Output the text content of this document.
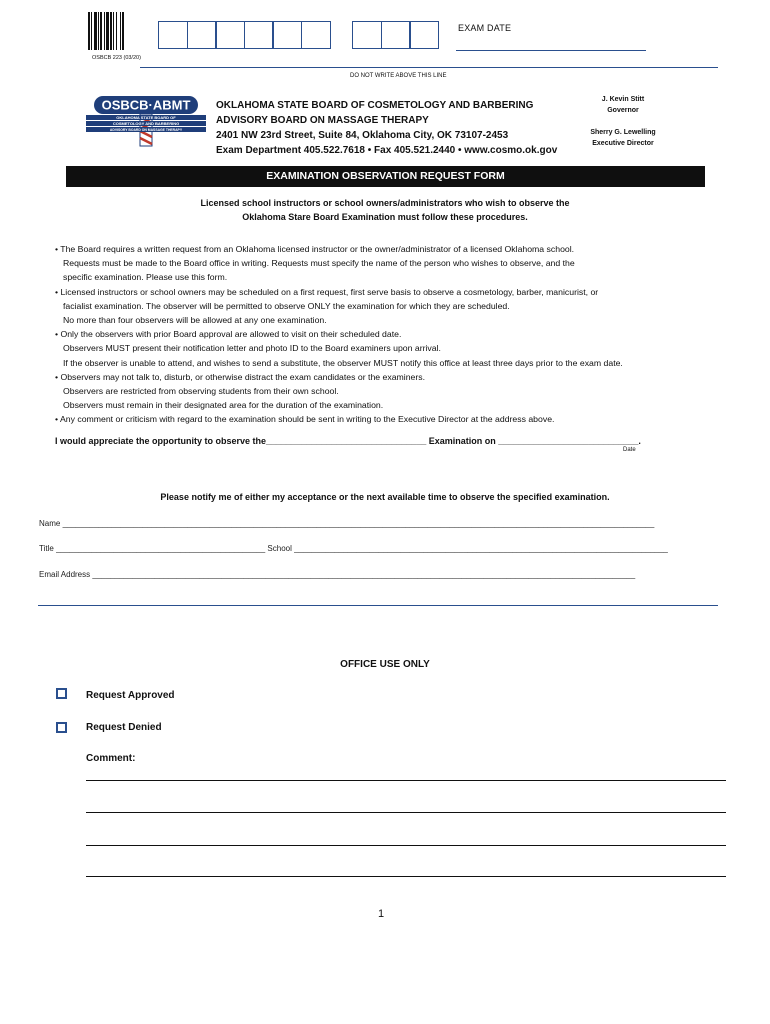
EXAM DATE
OSBCB 223 (03/20)
DO NOT WRITE ABOVE THIS LINE
OSBCB·ABMT
OKLAHOMA STATE BOARD OF
COSMETOLOGY AND BARBERING
ADVISORY BOARD ON MASSAGE THERAPY
OKLAHOMA STATE BOARD OF COSMETOLOGY AND BARBERING
ADVISORY BOARD ON MASSAGE THERAPY
2401 NW 23rd Street, Suite 84, Oklahoma City, OK 73107-2453
Exam Department 405.522.7618 • Fax 405.521.2440 • www.cosmo.ok.gov
J. Kevin Stitt
Governor
Sherry G. Lewelling
Executive Director
EXAMINATION OBSERVATION REQUEST FORM
Licensed school instructors or school owners/administrators who wish to observe the
Oklahoma Stare Board Examination must follow these procedures.

• The Board requires a written request from an Oklahoma licensed instructor or the owner/administrator of a licensed Oklahoma school.

Requests must be made to the Board office in writing. Requests must specify the name of the person who wishes to observe, and the

specific examination. Please use this form.

• Licensed instructors or school owners may be scheduled on a first request, first serve basis to observe a cosmetology, barber, manicurist, or

facialist examination. The observer will be permitted to observe ONLY the examination for which they are scheduled.

No more than four observers will be allowed at any one examination.

• Only the observers with prior Board approval are allowed to visit on their scheduled date.

Observers MUST present their notification letter and photo ID to the Board examiners upon arrival.

If the observer is unable to attend, and wishes to send a substitute, the observer MUST notify this office at least three days prior to the exam date.

• Observers may not talk to, disturb, or otherwise distract the exam candidates or the examiners.

Observers are restricted from observing students from their own school.

Observers must remain in their designated area for the duration of the examination.

• Any comment or criticism with regard to the examination should be sent in writing to the Executive Director at the address above.

I would appreciate the opportunity to observe the________________________________ Examination on ____________________________.
Date
Please notify me of either my acceptance or the next available time to observe the specified examination.
Name _____________________________________________________________________________________________________________________________________
Title _______________________________________________ School ____________________________________________________________________________________
Email Address __________________________________________________________________________________________________________________________
OFFICE USE ONLY
Request Approved
Request Denied
Comment:
1
